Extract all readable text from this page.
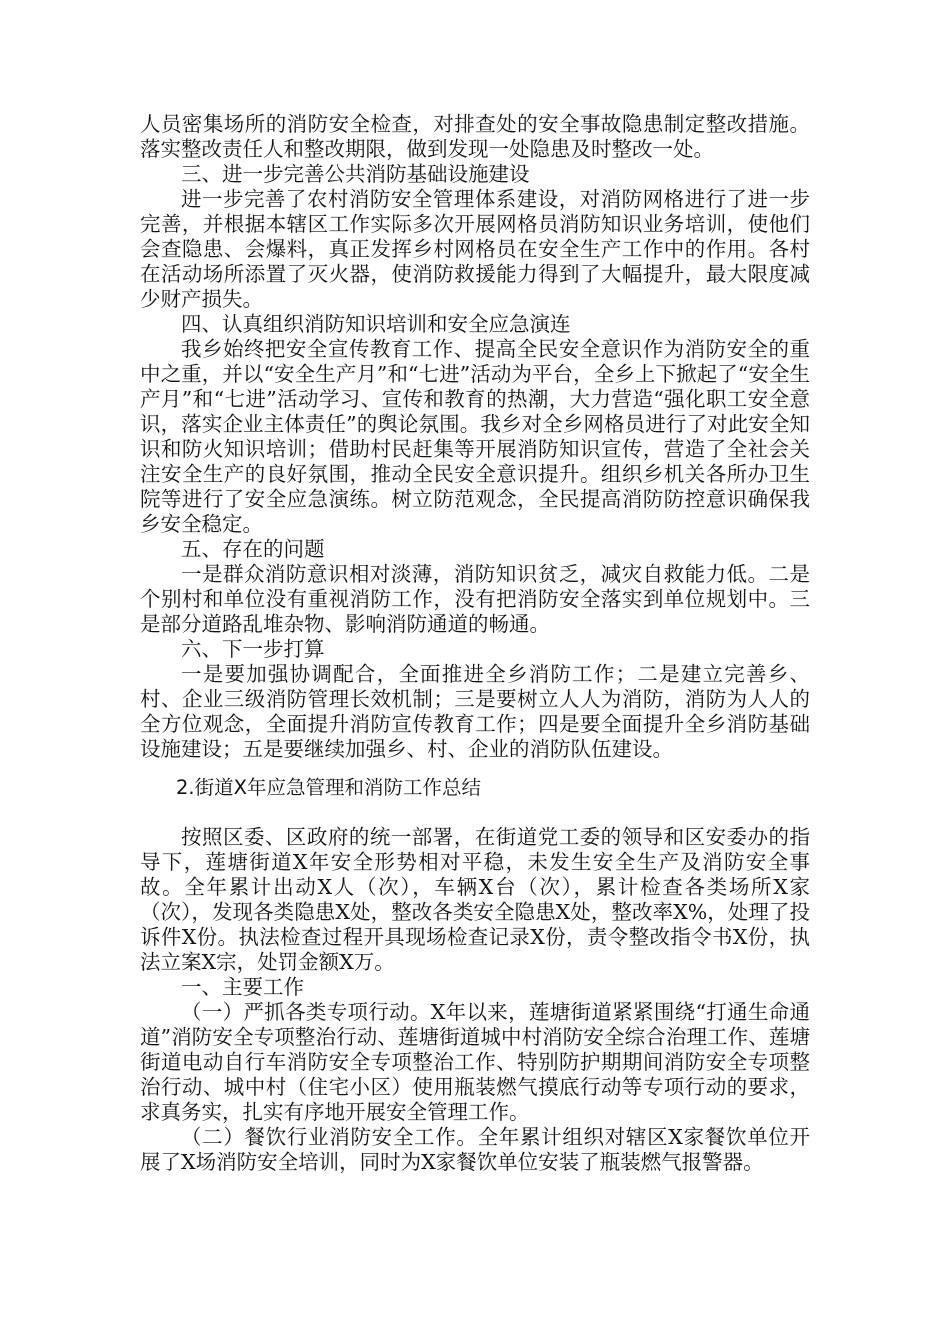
人员密集场所的消防安全检查，对排查处的安全事故隐患制定整改措施。落实整改责任人和整改期限，做到发现一处隐患及时整改一处。

三、进一步完善公共消防基础设施建设

进一步完善了农村消防安全管理体系建设，对消防网格进行了进一步完善，并根据本辖区工作实际多次开展网格员消防知识业务培训，使他们会查隐患、会爆料，真正发挥乡村网格员在安全生产工作中的作用。各村在活动场所添置了灭火器，使消防救援能力得到了大幅提升，最大限度减少财产损失。

四、认真组织消防知识培训和安全应急演连

我乡始终把安全宣传教育工作、提高全民安全意识作为消防安全的重中之重，并以“安全生产月”和“七进”活动为平台，全乡上下掀起了“安全生产月”和“七进”活动学习、宣传和教育的热潮，大力营造“强化职工安全意识，落实企业主体责任”的舆论氛围。我乡对全乡网格员进行了对此安全知识和防火知识培训；借助村民赶集等开展消防知识宣传，营造了全社会关注安全生产的良好氛围，推动全民安全意识提升。组织乡机关各所办卫生院等进行了安全应急演练。树立防范观念，全民提高消防防控意识确保我乡安全稳定。

五、存在的问题

一是群众消防意识相对淡薄，消防知识贫乏，减灾自救能力低。二是个别村和单位没有重视消防工作，没有把消防安全落实到单位规划中。三是部分道路乱堆杂物、影响消防通道的畅通。

六、下一步打算

一是要加强协调配合，全面推进全乡消防工作；二是建立完善乡、村、企业三级消防管理长效机制；三是要树立人人为消防，消防为人人的全方位观念，全面提升消防宣传教育工作；四是要全面提升全乡消防基础设施建设；五是要继续加强乡、村、企业的消防队伍建设。

2.街道X年应急管理和消防工作总结

按照区委、区政府的统一部署，在街道党工委的领导和区安委办的指导下，莲塘街道X年安全形势相对平稳，未发生安全生产及消防安全事故。全年累计出动X人（次），车辆X台（次），累计检查各类场所X家（次），发现各类隐患X处，整改各类安全隐患X处，整改率X%，处理了投诉件X份。执法检查过程开具现场检查记录X份，责令整改指令书X份，执法立案X宗，处罚金额X万。

一、主要工作

（一）严抓各类专项行动。X年以来，莲塘街道紧紧围绕“打通生命通道”消防安全专项整治行动、莲塘街道城中村消防安全综合治理工作、莲塘街道电动自行车消防安全专项整治工作、特别防护期期间消防安全专项整治行动、城中村（住宅小区）使用瓶装燃气摸底行动等专项行动的要求，求真务实，扎实有序地开展安全管理工作。

（二）餐饮行业消防安全工作。全年累计组织对辖区X家餐饮单位开展了X场消防安全培训，同时为X家餐饮单位安装了瓶装燃气报警器。
